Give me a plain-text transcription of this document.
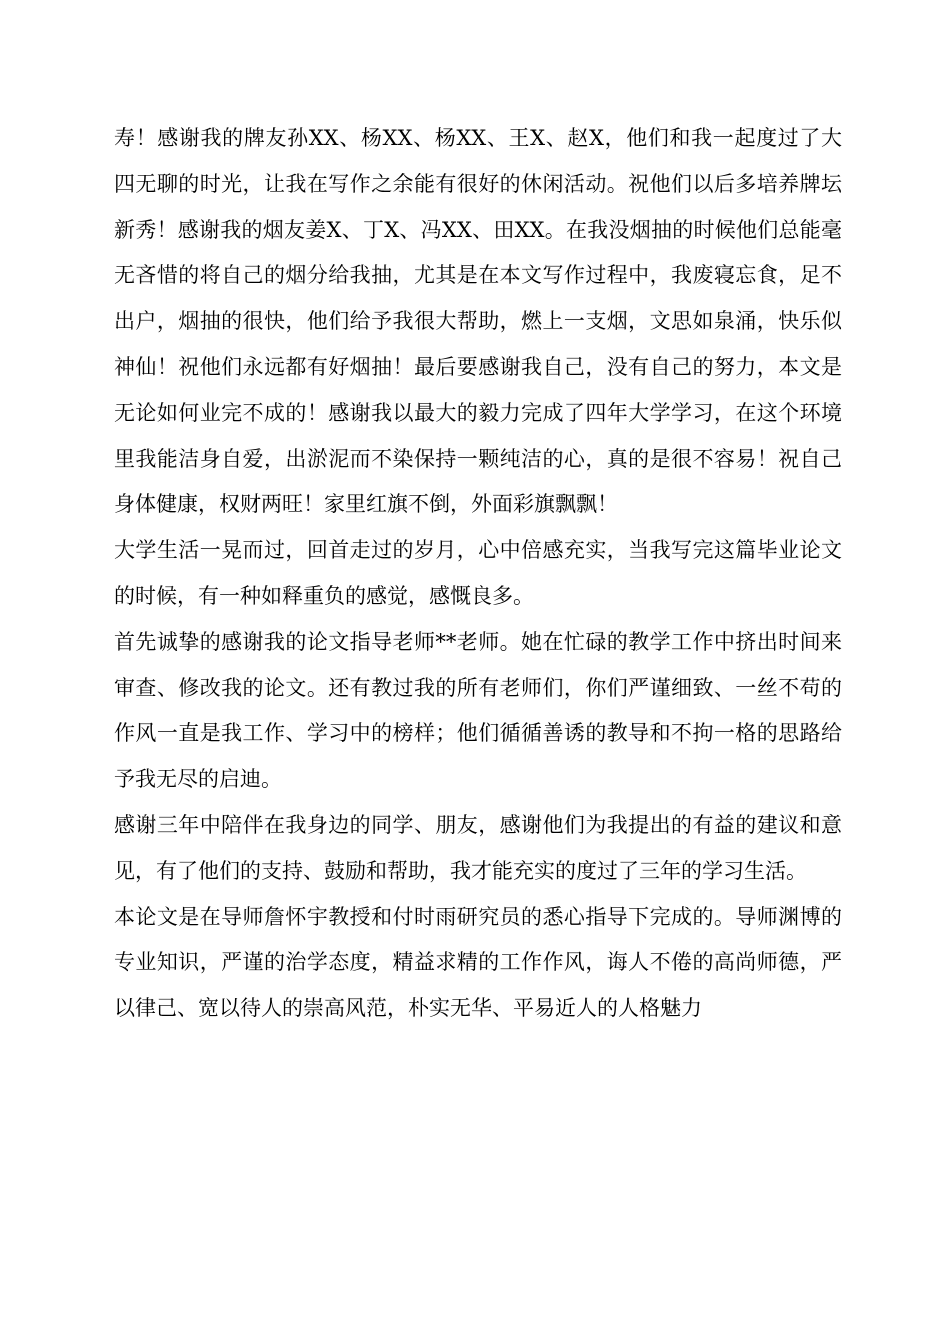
寿！感谢我的牌友孙XX、杨XX、杨XX、王X、赵X，他们和我一起度过了大四无聊的时光，让我在写作之余能有很好的休闲活动。祝他们以后多培养牌坛新秀！感谢我的烟友姜X、丁X、冯XX、田XX。在我没烟抽的时候他们总能毫无吝惜的将自己的烟分给我抽，尤其是在本文写作过程中，我废寝忘食，足不出户，烟抽的很快，他们给予我很大帮助，燃上一支烟，文思如泉涌，快乐似神仙！祝他们永远都有好烟抽！最后要感谢我自己，没有自己的努力，本文是无论如何业完不成的！感谢我以最大的毅力完成了四年大学学习，在这个环境里我能洁身自爱，出淤泥而不染保持一颗纯洁的心，真的是很不容易！祝自己身体健康，权财两旺！家里红旗不倒，外面彩旗飘飘！

大学生活一晃而过，回首走过的岁月，心中倍感充实，当我写完这篇毕业论文的时候，有一种如释重负的感觉，感慨良多。

首先诚挚的感谢我的论文指导老师**老师。她在忙碌的教学工作中挤出时间来审查、修改我的论文。还有教过我的所有老师们，你们严谨细致、一丝不苟的作风一直是我工作、学习中的榜样；他们循循善诱的教导和不拘一格的思路给予我无尽的启迪。

感谢三年中陪伴在我身边的同学、朋友，感谢他们为我提出的有益的建议和意见，有了他们的支持、鼓励和帮助，我才能充实的度过了三年的学习生活。

本论文是在导师詹怀宇教授和付时雨研究员的悉心指导下完成的。导师渊博的专业知识，严谨的治学态度，精益求精的工作作风，诲人不倦的高尚师德，严以律己、宽以待人的崇高风范，朴实无华、平易近人的人格魅力
